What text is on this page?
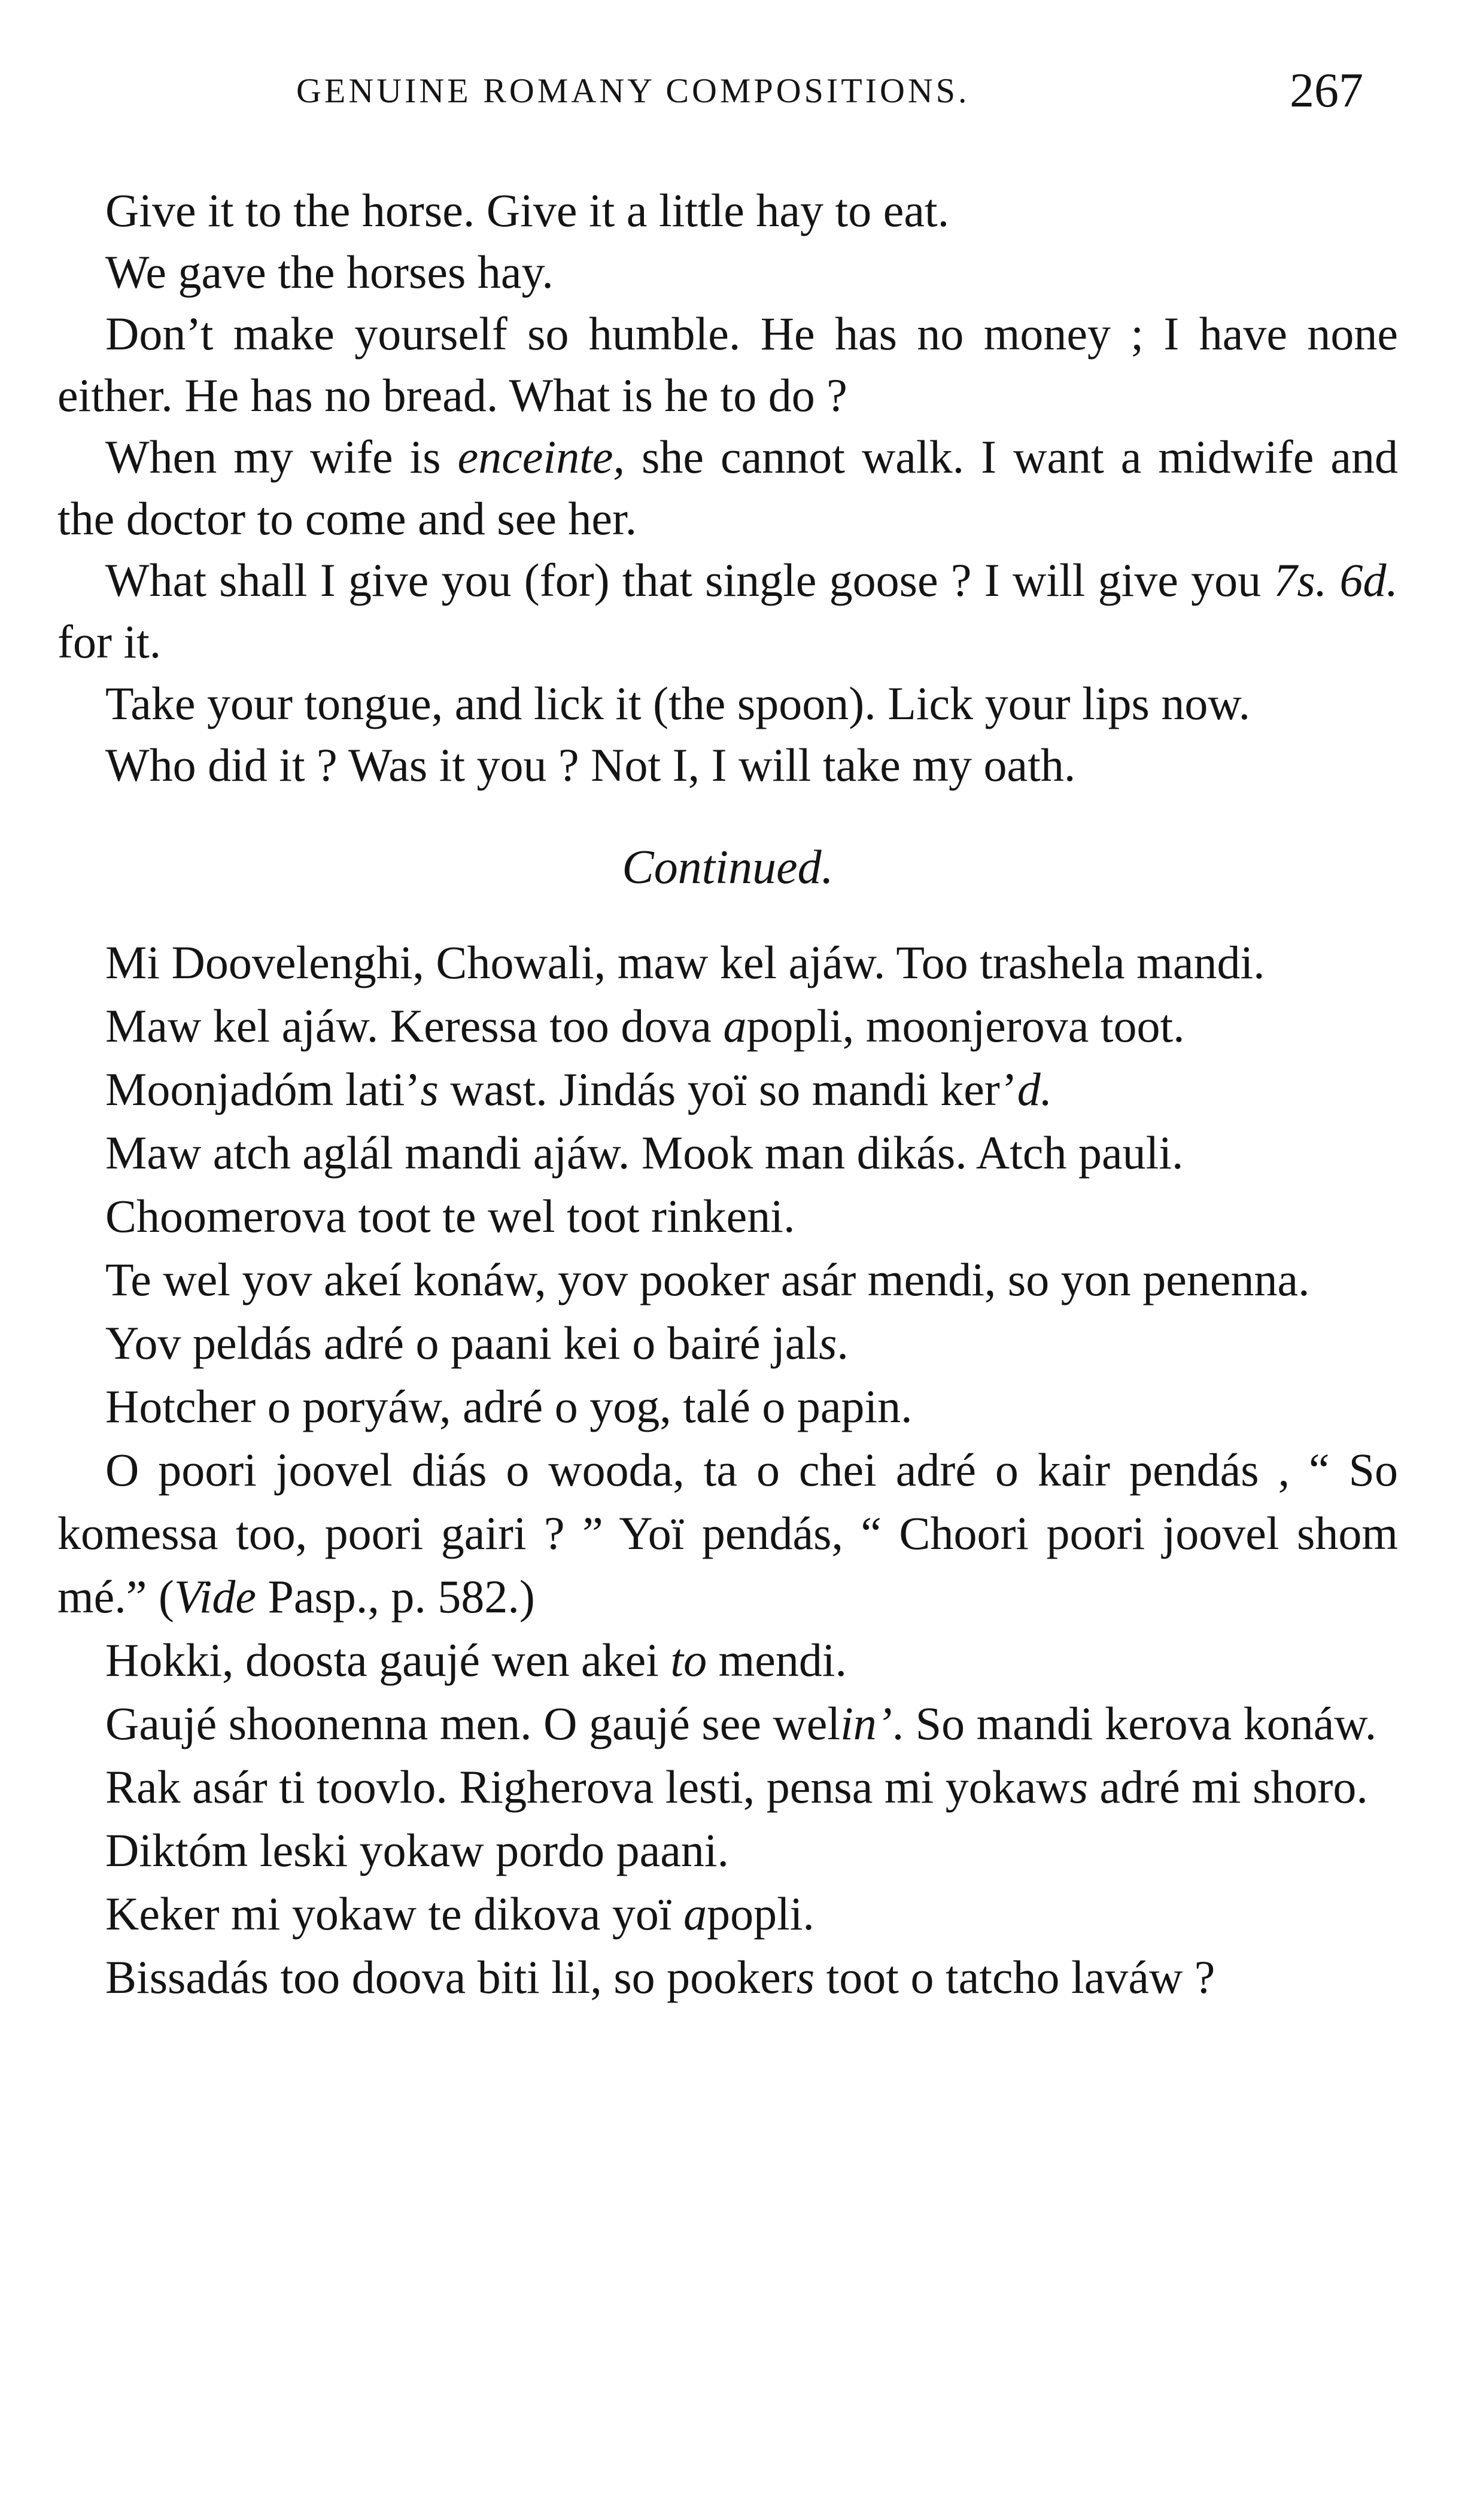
GENUINE ROMANY COMPOSITIONS.	267

Give it to the horse. Give it a little hay to eat.

We gave the horses hay.

Don’t make yourself so humble. He has no money ; I have none either. He has no bread. What is he to do ?

When my wife is enceinte, she cannot walk. I want a midwife and the doctor to come and see her.

What shall I give you (for) that single goose ? I will give you 7s. 6d. for it.

Take your tongue, and lick it (the spoon). Lick your lips now.

Who did it ? Was it you ? Not I, I will take my oath.

Continued.

Mi Doovelenghi, Chowali, maw kel ajáw. Too trashela mandi.

Maw kel ajáw. Keressa too dova apopli, moonjerova toot.

Moonjadóm lati’s wast. Jindás yoï so mandi ker’d.

Maw atch aglál mandi ajáw. Mook man dikás. Atch pauli.

Choomerova toot te wel toot rinkeni.

Te wel yov akeí konáw, yov pooker asár mendi, so yon penenna.

Yov peldás adré o paani kei o bairé jals.

Hotcher o poryáw, adré o yog, talé o papin.

O poori joovel diás o wooda, ta o chei adré o kair pendás , “ So komessa too, poori gairi ? ” Yoï pendás, “ Choori poori joovel shom mé.” (Vide Pasp., p. 582.)

Hokki, doosta gaujé wen akei to mendi.

Gaujé shoonenna men. O gaujé see welin’. So mandi kerova konáw.

Rak asár ti toovlo. Righerova lesti, pensa mi yokaws adré mi shoro.

Diktóm leski yokaw pordo paani.

Keker mi yokaw te dikova yoï apopli.

Bissadás too doova biti lil, so pookers toot o tatcho laváw ?
